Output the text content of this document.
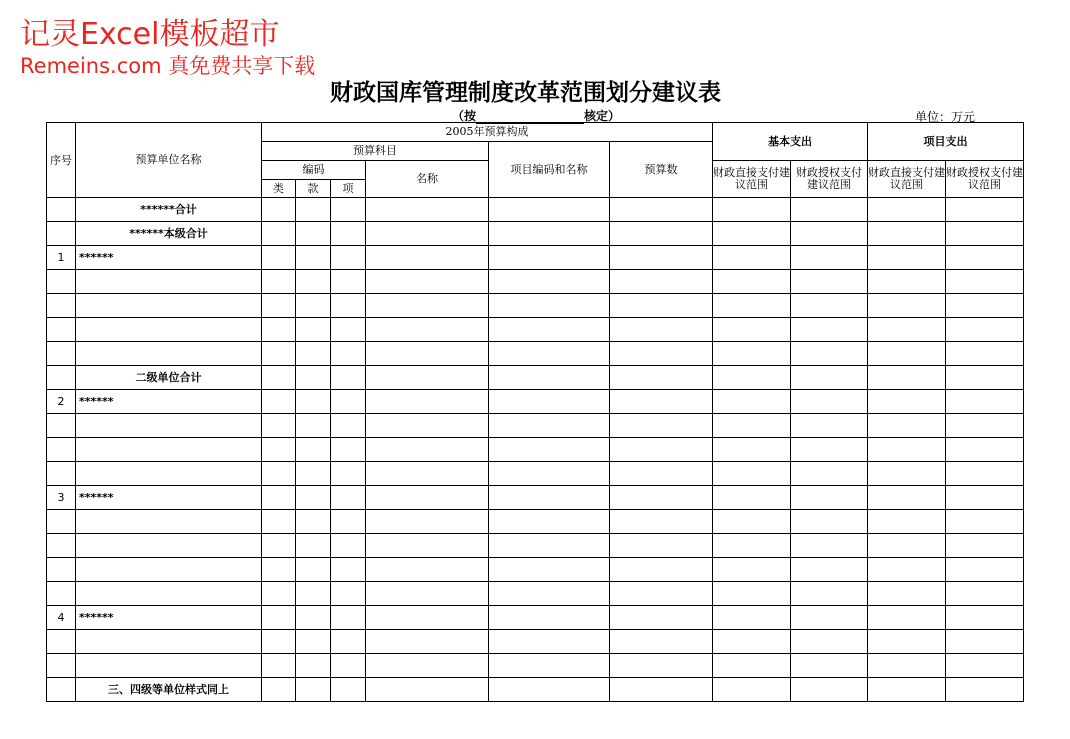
记灵Excel模板超市
Remeins.com 真免费共享下载
财政国库管理制度改革范围划分建议表
（按	核定）	单位：万元
序号	预算单位名称	2005年预算构成						基本支出		项目支出	
		预算科目				项目编码和名称	预算数				
		编码			名称			财政直接支付建议范围	财政授权支付建议范围	财政直接支付建议范围	财政授权支付建议范围
		类	款	项							
	******合计										
	******本级合计										
1	******										

	二级单位合计										
2	******										

3	******										

4	******										

	三、四级等单位样式同上										
